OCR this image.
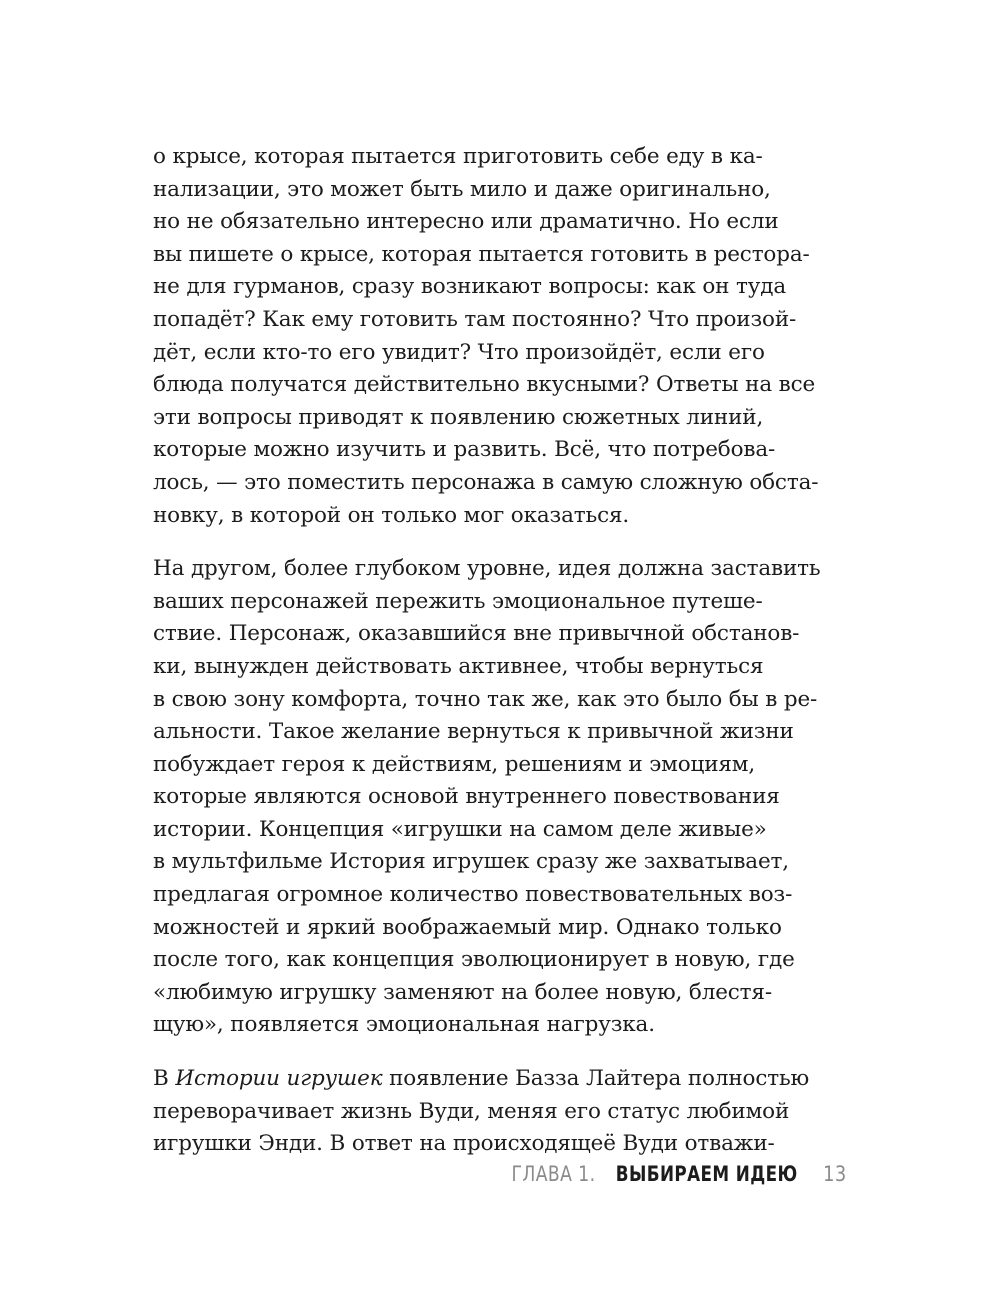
о крысе, которая пытается приготовить себе еду в ка-
нализации, это может быть мило и даже оригинально,
но не обязательно интересно или драматично. Но если
вы пишете о крысе, которая пытается готовить в рестора-
не для гурманов, сразу возникают вопросы: как он туда
попадёт? Как ему готовить там постоянно? Что произой-
дёт, если кто-то его увидит? Что произойдёт, если его
блюда получатся действительно вкусными? Ответы на все
эти вопросы приводят к появлению сюжетных линий,
которые можно изучить и развить. Всё, что потребова-
лось, — это поместить персонажа в самую сложную обста-
новку, в которой он только мог оказаться.

На другом, более глубоком уровне, идея должна заставить
ваших персонажей пережить эмоциональное путеше-
ствие. Персонаж, оказавшийся вне привычной обстанов-
ки, вынужден действовать активнее, чтобы вернуться
в свою зону комфорта, точно так же, как это было бы в ре-
альности. Такое желание вернуться к привычной жизни
побуждает героя к действиям, решениям и эмоциям,
которые являются основой внутреннего повествования
истории. Концепция «игрушки на самом деле живые»
в мультфильме История игрушек сразу же захватывает,
предлагая огромное количество повествовательных воз-
можностей и яркий воображаемый мир. Однако только
после того, как концепция эволюционирует в новую, где
«любимую игрушку заменяют на более новую, блестя-
щую», появляется эмоциональная нагрузка.

В Истории игрушек появление Базза Лайтера полностью
переворачивает жизнь Вуди, меняя его статус любимой
игрушки Энди. В ответ на происходящеё Вуди отважи-

ГЛАВА 1. ВЫБИРАЕМ ИДЕЮ 13
